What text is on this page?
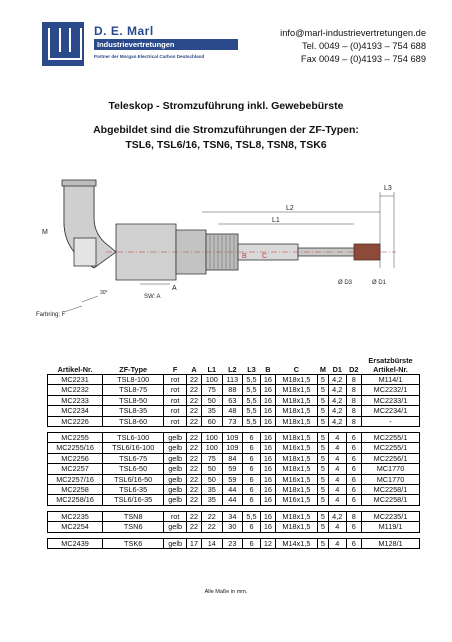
D. E. Marl
Industrievertretungen
Partner der Morgan Electrical Carbon Deutschland
info@marl-industrievertretungen.de
Tel. 0049 – (0)4193 – 754 688
Fax 0049 – (0)4193 – 754 689
Teleskop - Stromzuführung inkl. Gewebebürste
Abgebildet sind die Stromzuführungen der ZF-Typen:
TSL6, TSL6/16, TSN6, TSL8, TSN8, TSK6
L2
L1
L3
M
A
B C
Ø D3	Ø D1
30°
SW: A
Farbring: F
Artikel-Nr.	ZF-Type	F	A	L1	L2	L3	B	C	M	D1	D2	Ersatzbürste Artikel-Nr.
MC2231	TSL8-100	rot	22	100	113	5,5	16	M18x1,5	5	4,2	8	M114/1
MC2232	TSL8-75	rot	22	75	88	5,5	16	M18x1,5	5	4,2	8	MC2232/1
MC2233	TSL8-50	rot	22	50	63	5,5	16	M18x1,5	5	4,2	8	MC2233/1
MC2234	TSL8-35	rot	22	35	48	5,5	16	M18x1,5	5	4,2	8	MC2234/1
MC2226	TSL8-60	rot	22	60	73	5,5	16	M18x1,5	5	4,2	8	-

MC2255	TSL6-100	gelb	22	100	109	6	16	M18x1,5	5	4	6	MC2255/1
MC2255/16	TSL6/16-100	gelb	22	100	109	6	16	M16x1,5	5	4	6	MC2255/1
MC2256	TSL6-75	gelb	22	75	84	6	16	M18x1,5	5	4	6	MC2256/1
MC2257	TSL6-50	gelb	22	50	59	6	16	M18x1,5	5	4	6	MC1770
MC2257/16	TSL6/16-50	gelb	22	50	59	6	16	M16x1,5	5	4	6	MC1770
MC2258	TSL6-35	gelb	22	35	44	6	16	M18x1,5	5	4	6	MC2258/1
MC2258/16	TSL6/16-35	gelb	22	35	44	6	16	M16x1,5	5	4	6	MC2258/1

MC2235	TSN8	rot	22	22	34	5,5	16	M18x1,5	5	4,2	8	MC2235/1
MC2254	TSN6	gelb	22	22	30	6	16	M18x1,5	5	4	6	M119/1

MC2439	TSK6	gelb	17	14	23	6	12	M14x1,5	5	4	6	M128/1
Alle Maße in mm.
